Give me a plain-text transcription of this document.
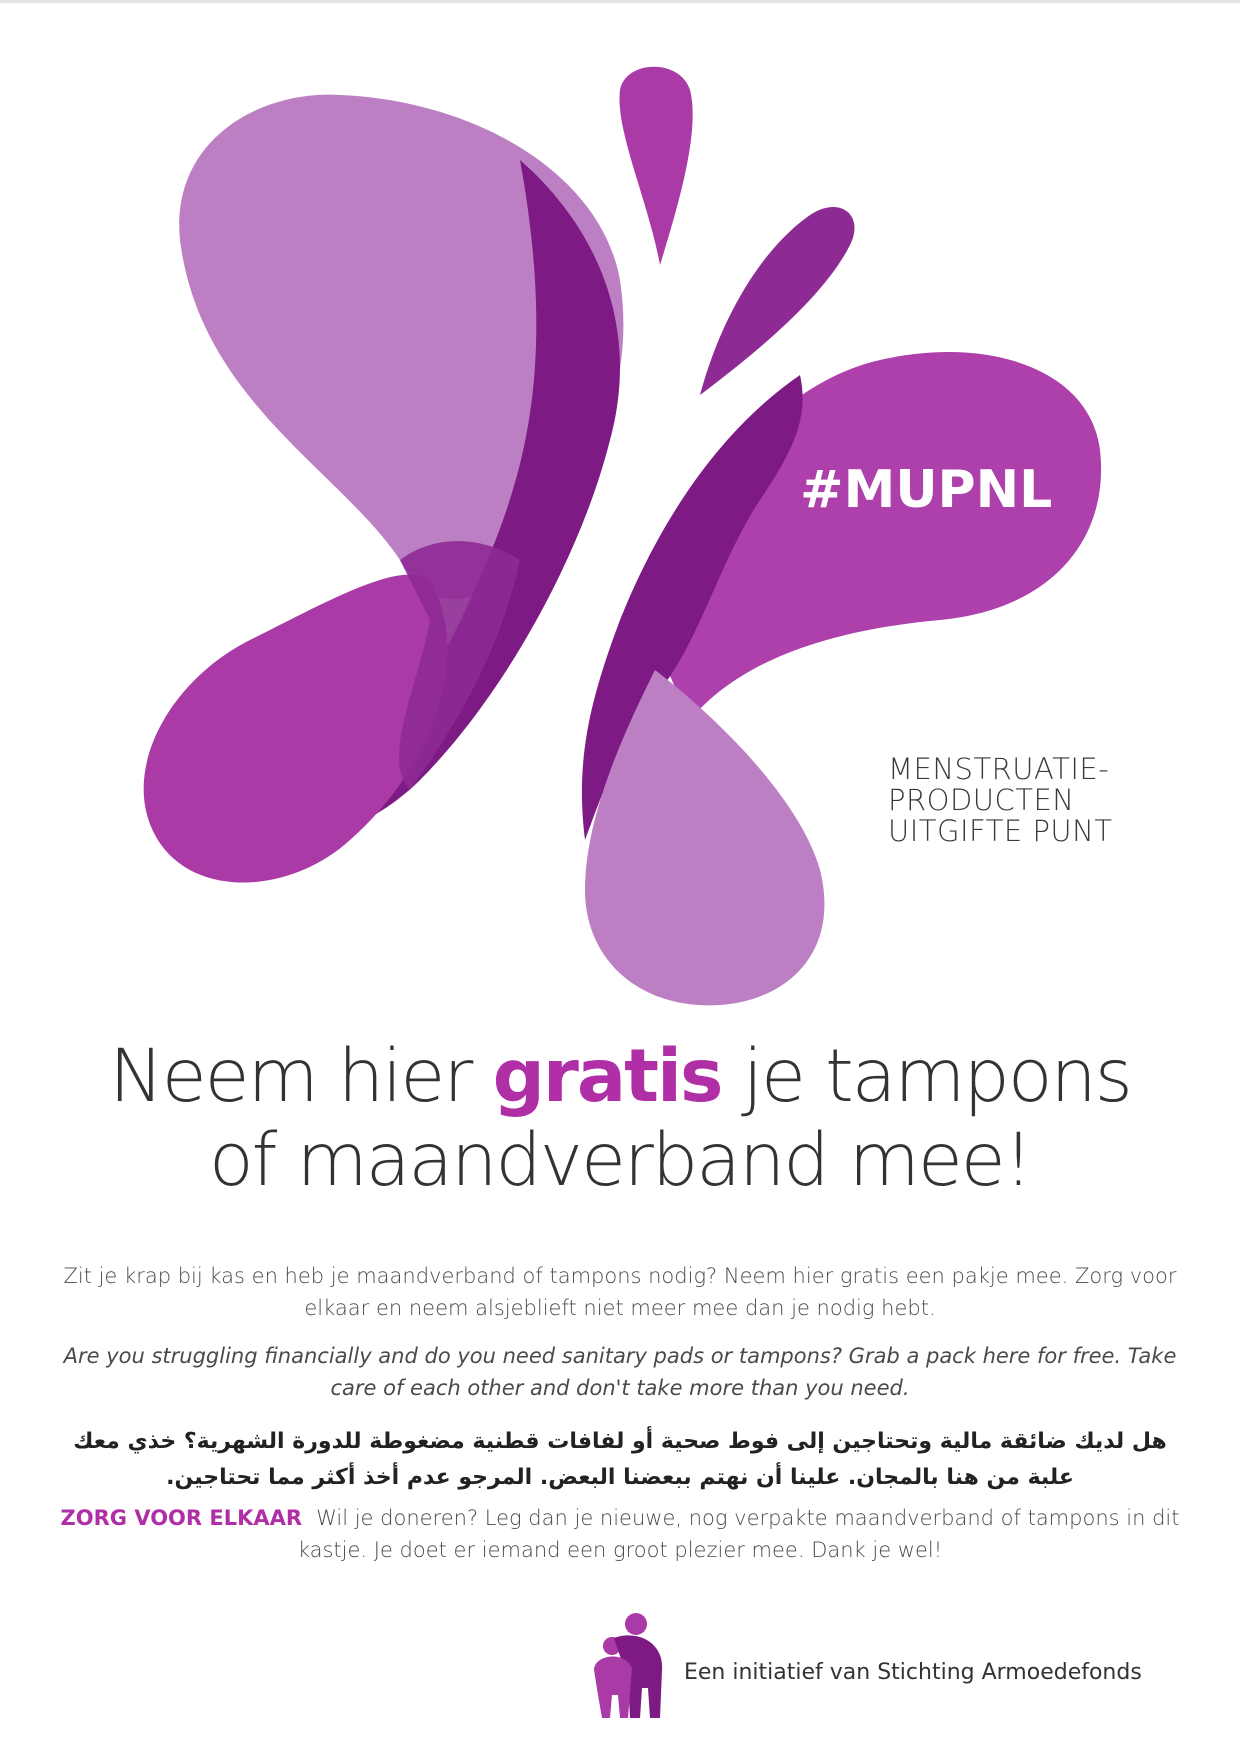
#MUPNL
MENSTRUATIE-
PRODUCTEN
UITGIFTE PUNT
Neem hier gratis je tampons
of maandverband mee!
Zit je krap bij kas en heb je maandverband of tampons nodig? Neem hier gratis een pakje mee. Zorg voor elkaar en neem alsjeblieft niet meer mee dan je nodig hebt.
Are you struggling financially and do you need sanitary pads or tampons? Grab a pack here for free. Take care of each other and don't take more than you need.
هل لديك ضائقة مالية وتحتاجين إلى فوط صحية أو لفافات قطنية مضغوطة للدورة الشهرية؟ خذي معك علبة من هنا بالمجان. علينا أن نهتم ببعضنا البعض. المرجو عدم أخذ أكثر مما تحتاجين.
ZORG VOOR ELKAAR Wil je doneren? Leg dan je nieuwe, nog verpakte maandverband of tampons in dit kastje. Je doet er iemand een groot plezier mee. Dank je wel!
Een initiatief van Stichting Armoedefonds
